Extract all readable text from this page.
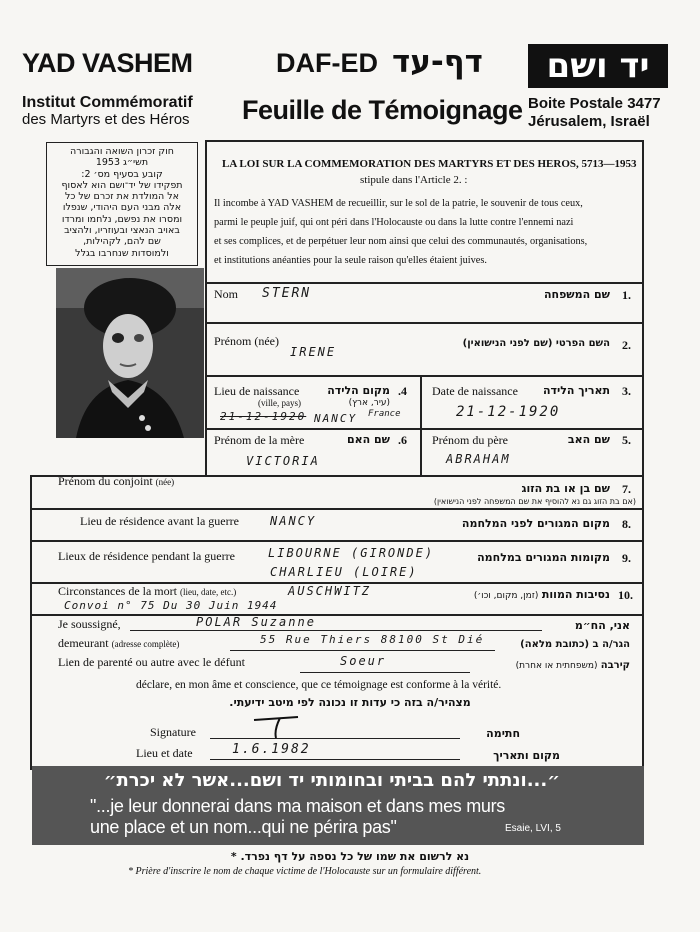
YAD VASHEM	DAF-ED דף-עד	יד ושם
Institut Commémoratif
des Martyrs et des Héros Feuille de Témoignage Boite Postale 3477
Jérusalem, Israël
חוק זכרון השואה והגבורה
תשי״ג 1953
קובע בסעיף מס׳ 2:
תפקידו של יד־ושם הוא לאסוף
אל המולדת את זכרם של כל
אלה מבני העם היהודי, שנפלו
ומסרו את נפשם, נלחמו ומרדו
באויב הנאצי ובעוזריו, ולהציב
שם להם, לקהילות,
ולמוסדות שנחרבו בגלל
LA LOI SUR LA COMMEMORATION DES MARTYRS ET DES HEROS, 5713—1953
stipule dans l'Article 2. :
Il incombe à YAD VASHEM de recueillir, sur le sol de la patrie, le souvenir de tous ceux,
parmi le peuple juif, qui ont péri dans l'Holocauste ou dans la lutte contre l'ennemi nazi
et ses complices, et de perpétuer leur nom ainsi que celui des communautés, organisations,
et institutions anéanties pour la seule raison qu'elles étaient juives.
Nom STERN	שם המשפחה 1.
Prénom (née)
IRENE
השם הפרטי (שם לפני הנישואין) 2.
Lieu de naissance
(ville, pays)
מקום הלידה
(עיר, ארץ)
.4
21-12-1920 NANCY France
Date de naissance	תאריך הלידה 3.
21-12-1920
Prénom de la mère	שם האם .6
VICTORIA
Prénom du père	שם האב 5.
ABRAHAM
Prénom du conjoint (née)	שם בן או בת הזוג
(אם בת הזוג גם נא להוסיף את שם המשפחה לפני הנישואין)
7.
Lieu de résidence avant la guerre	NANCY	מקום המגורים לפני המלחמה 8.
Lieux de résidence pendant la guerre	LIBOURNE (GIRONDE)
CHARLIEU (LOIRE)
מקומות המגורים במלחמה 9.
Circonstances de la mort (lieu, date, etc.)	AUSCHWITZ
Convoi n° 75 Du 30 Juin 1944
נסיבות המוות (זמן, מקום, וכו׳)	10.
Je soussigné,	POLAR Suzanne	אני, הח״מ
demeurant (adresse complète)	55 Rue Thiers 88100 St Dié	הגר/ה ב (כתובת מלאה)
Lien de parenté ou autre avec le défunt	Soeur	קירבה (משפחתית או אחרת)
déclare, en mon âme et conscience, que ce témoignage est conforme à la vérité.
מצהיר/ה בזה כי עדות זו נכונה לפי מיטב ידיעתי.
Signature	חתימה
Lieu et date	1.6.1982	מקום ותאריך
״...ונתתי להם בביתי ובחומותי יד ושם...אשר לא יכרת״
"...je leur donnerai dans ma maison et dans mes murs
une place et un nom...qui ne périra pas"	Esaie, LVI, 5
נא לרשום את שמו של כל נספה על דף נפרד. *
* Prière d'inscrire le nom de chaque victime de l'Holocauste sur un formulaire différent.
